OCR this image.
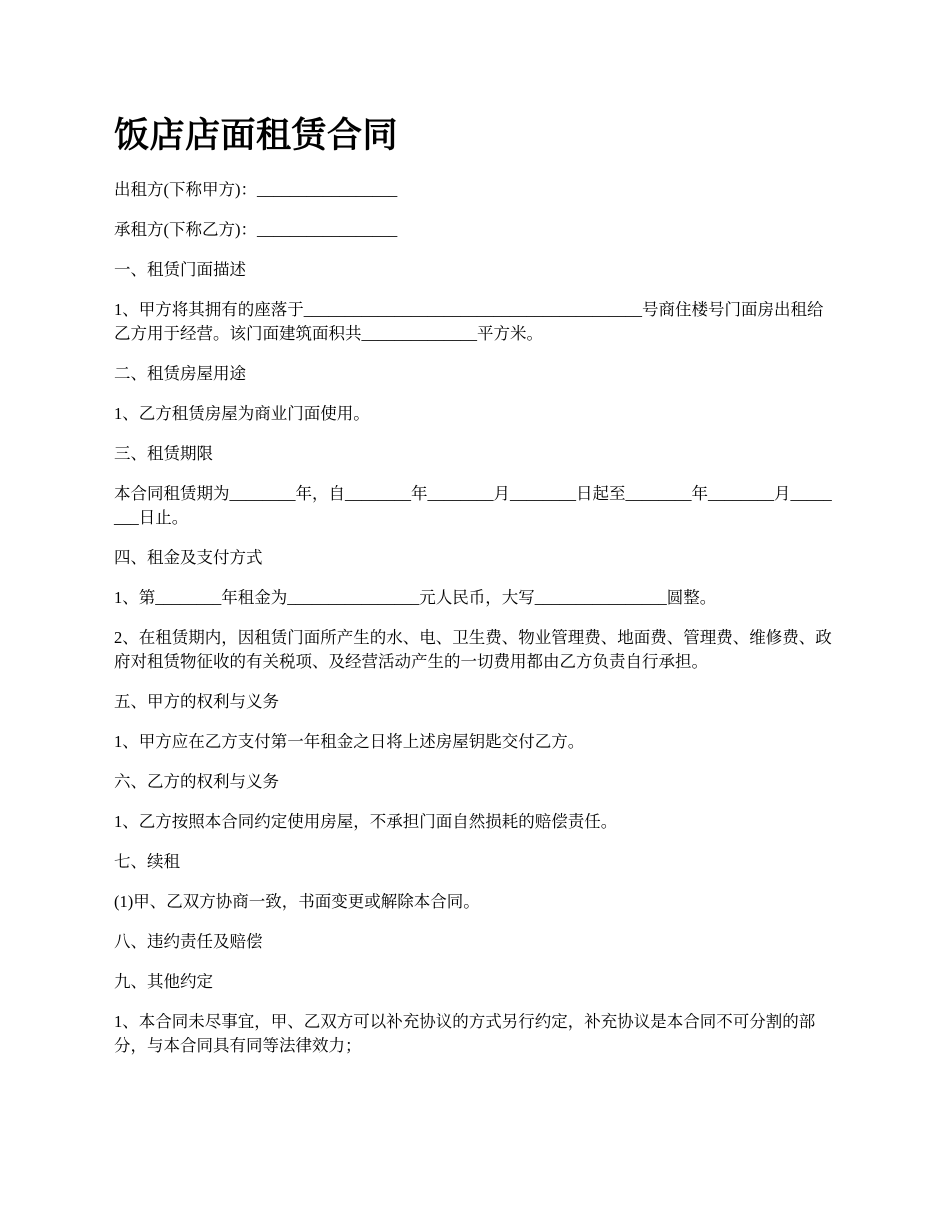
饭店店面租赁合同

出租方(下称甲方)：_________________

承租方(下称乙方)：_________________

一、租赁门面描述

1、甲方将其拥有的座落于_________________________________________号商住楼号门面房出租给乙方用于经营。该门面建筑面积共______________平方米。

二、租赁房屋用途

1、乙方租赁房屋为商业门面使用。

三、租赁期限

本合同租赁期为________年，自________年________月________日起至________年________月________日止。

四、租金及支付方式

1、第________年租金为________________元人民币，大写________________圆整。

2、在租赁期内，因租赁门面所产生的水、电、卫生费、物业管理费、地面费、管理费、维修费、政府对租赁物征收的有关税项、及经营活动产生的一切费用都由乙方负责自行承担。

五、甲方的权利与义务

1、甲方应在乙方支付第一年租金之日将上述房屋钥匙交付乙方。

六、乙方的权利与义务

1、乙方按照本合同约定使用房屋，不承担门面自然损耗的赔偿责任。

七、续租

(1)甲、乙双方协商一致，书面变更或解除本合同。

八、违约责任及赔偿

九、其他约定

1、本合同未尽事宜，甲、乙双方可以补充协议的方式另行约定，补充协议是本合同不可分割的部分，与本合同具有同等法律效力；
